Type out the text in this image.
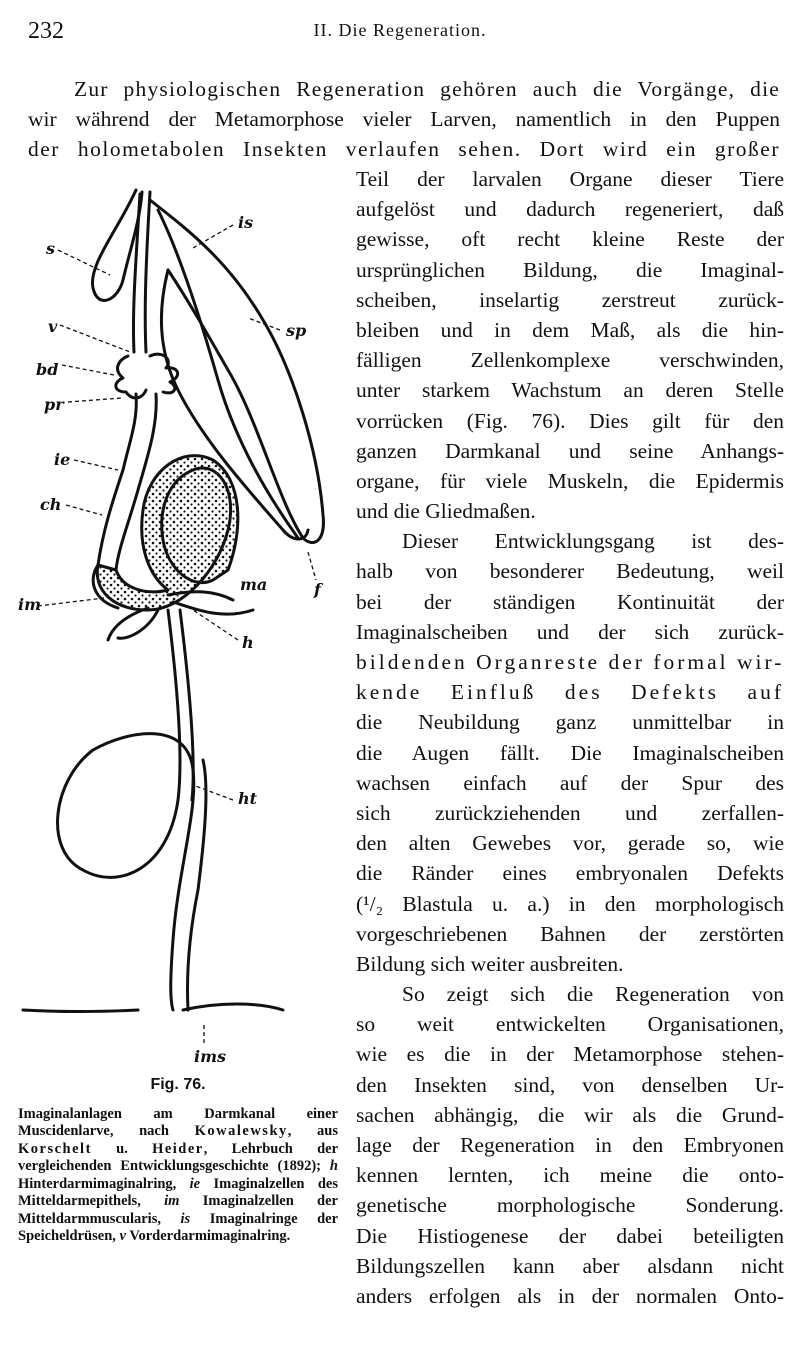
232	II. Die Regeneration.
Zur physiologischen Regeneration gehören auch die Vorgänge, die
wir während der Metamorphose vieler Larven, namentlich in den Puppen
der holometabolen Insekten verlaufen sehen. Dort wird ein großer
Teil der larvalen Organe dieser Tiere
aufgelöst und dadurch regeneriert, daß
gewisse, oft recht kleine Reste der
ursprünglichen Bildung, die Imaginal-
scheiben, inselartig zerstreut zurück-
bleiben und in dem Maß, als die hin-
fälligen Zellenkomplexe verschwinden,
unter starkem Wachstum an deren Stelle
vorrücken (Fig. 76). Dies gilt für den
ganzen Darmkanal und seine Anhangs-
organe, für viele Muskeln, die Epidermis
und die Gliedmaßen.
Dieser Entwicklungsgang ist des-
halb von besonderer Bedeutung, weil
bei der ständigen Kontinuität der
Imaginalscheiben und der sich zurück-
bildenden Organreste der formal wir-
kende Einfluß des Defekts auf
die Neubildung ganz unmittelbar in
die Augen fällt. Die Imaginalscheiben
wachsen einfach auf der Spur des
sich zurückziehenden und zerfallen-
den alten Gewebes vor, gerade so, wie
die Ränder eines embryonalen Defekts
(¹/₂ Blastula u. a.) in den morphologisch
vorgeschriebenen Bahnen der zerstörten
Bildung sich weiter ausbreiten.
So zeigt sich die Regeneration von
so weit entwickelten Organisationen,
wie es die in der Metamorphose stehen-
den Insekten sind, von denselben Ur-
sachen abhängig, die wir als die Grund-
lage der Regeneration in den Embryonen
kennen lernten, ich meine die onto-
genetische morphologische Sonderung.
Die Histiogenese der dabei beteiligten
Bildungszellen kann aber alsdann nicht
anders erfolgen als in der normalen Onto-
s
v
bd
pr
ie
ch
im
is
sp
f
ma
h
ht
ims
Fig. 76.
Imaginalanlagen am Darmkanal einer Muscidenlarve, nach Kowalewsky, aus Korschelt u. Heider, Lehrbuch der vergleichenden Entwicklungsgeschichte (1892); h Hinterdarmimaginalring, ie Imaginalzellen des Mitteldarmepithels, im Imaginalzellen der Mitteldarmmuscularis, is Imaginalringe der Speicheldrüsen, v Vorderdarmimaginalring.
